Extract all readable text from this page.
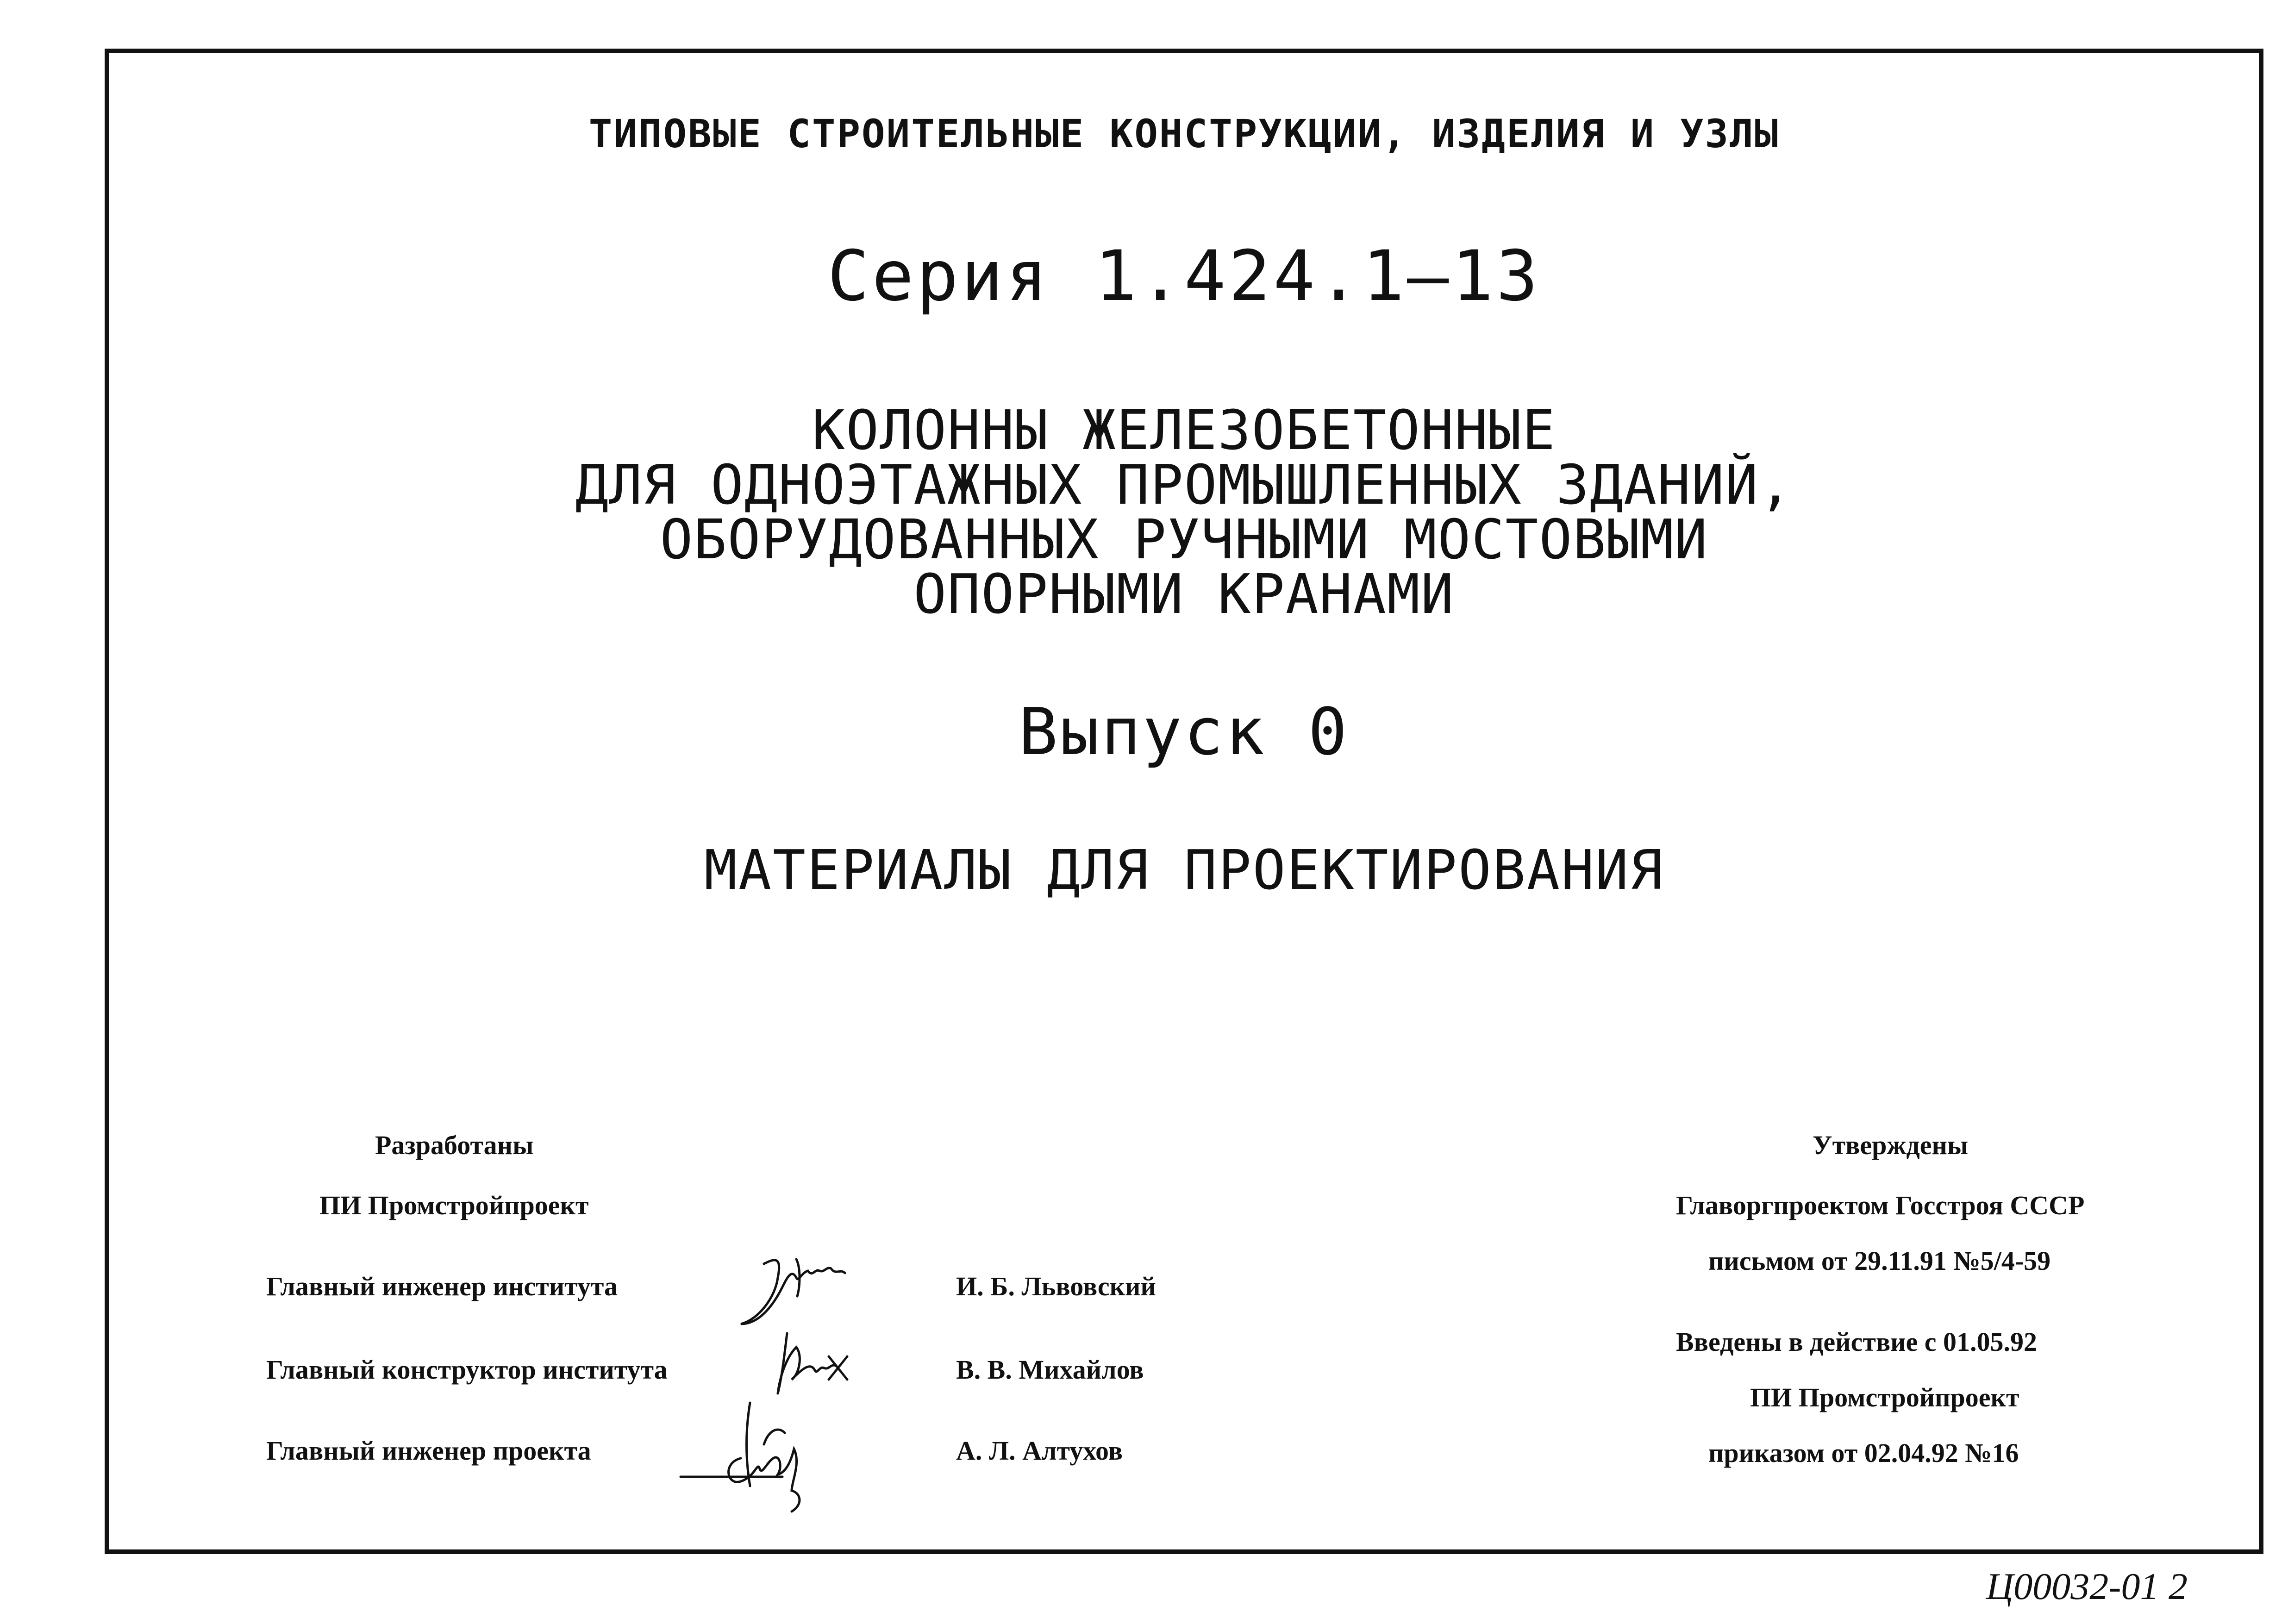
ТИПОВЫЕ СТРОИТЕЛЬНЫЕ КОНСТРУКЦИИ, ИЗДЕЛИЯ И УЗЛЫ
Серия 1.424.1—13
КОЛОННЫ ЖЕЛЕЗОБЕТОННЫЕ
ДЛЯ ОДНОЭТАЖНЫХ ПРОМЫШЛЕННЫХ ЗДАНИЙ,
ОБОРУДОВАННЫХ РУЧНЫМИ МОСТОВЫМИ
ОПОРНЫМИ КРАНАМИ
Выпуск 0
МАТЕРИАЛЫ ДЛЯ ПРОЕКТИРОВАНИЯ
Разработаны
ПИ Промстройпроект
Главный инженер института	И. Б. Львовский
Главный конструктор института	В. В. Михайлов
Главный инженер проекта	А. Л. Алтухов
Утверждены
Главоргпроектом Госстроя СССР
письмом от 29.11.91 №5/4-59
Введены в действие с 01.05.92
ПИ Промстройпроект
приказом от 02.04.92 №16
Ц00032-01 2
